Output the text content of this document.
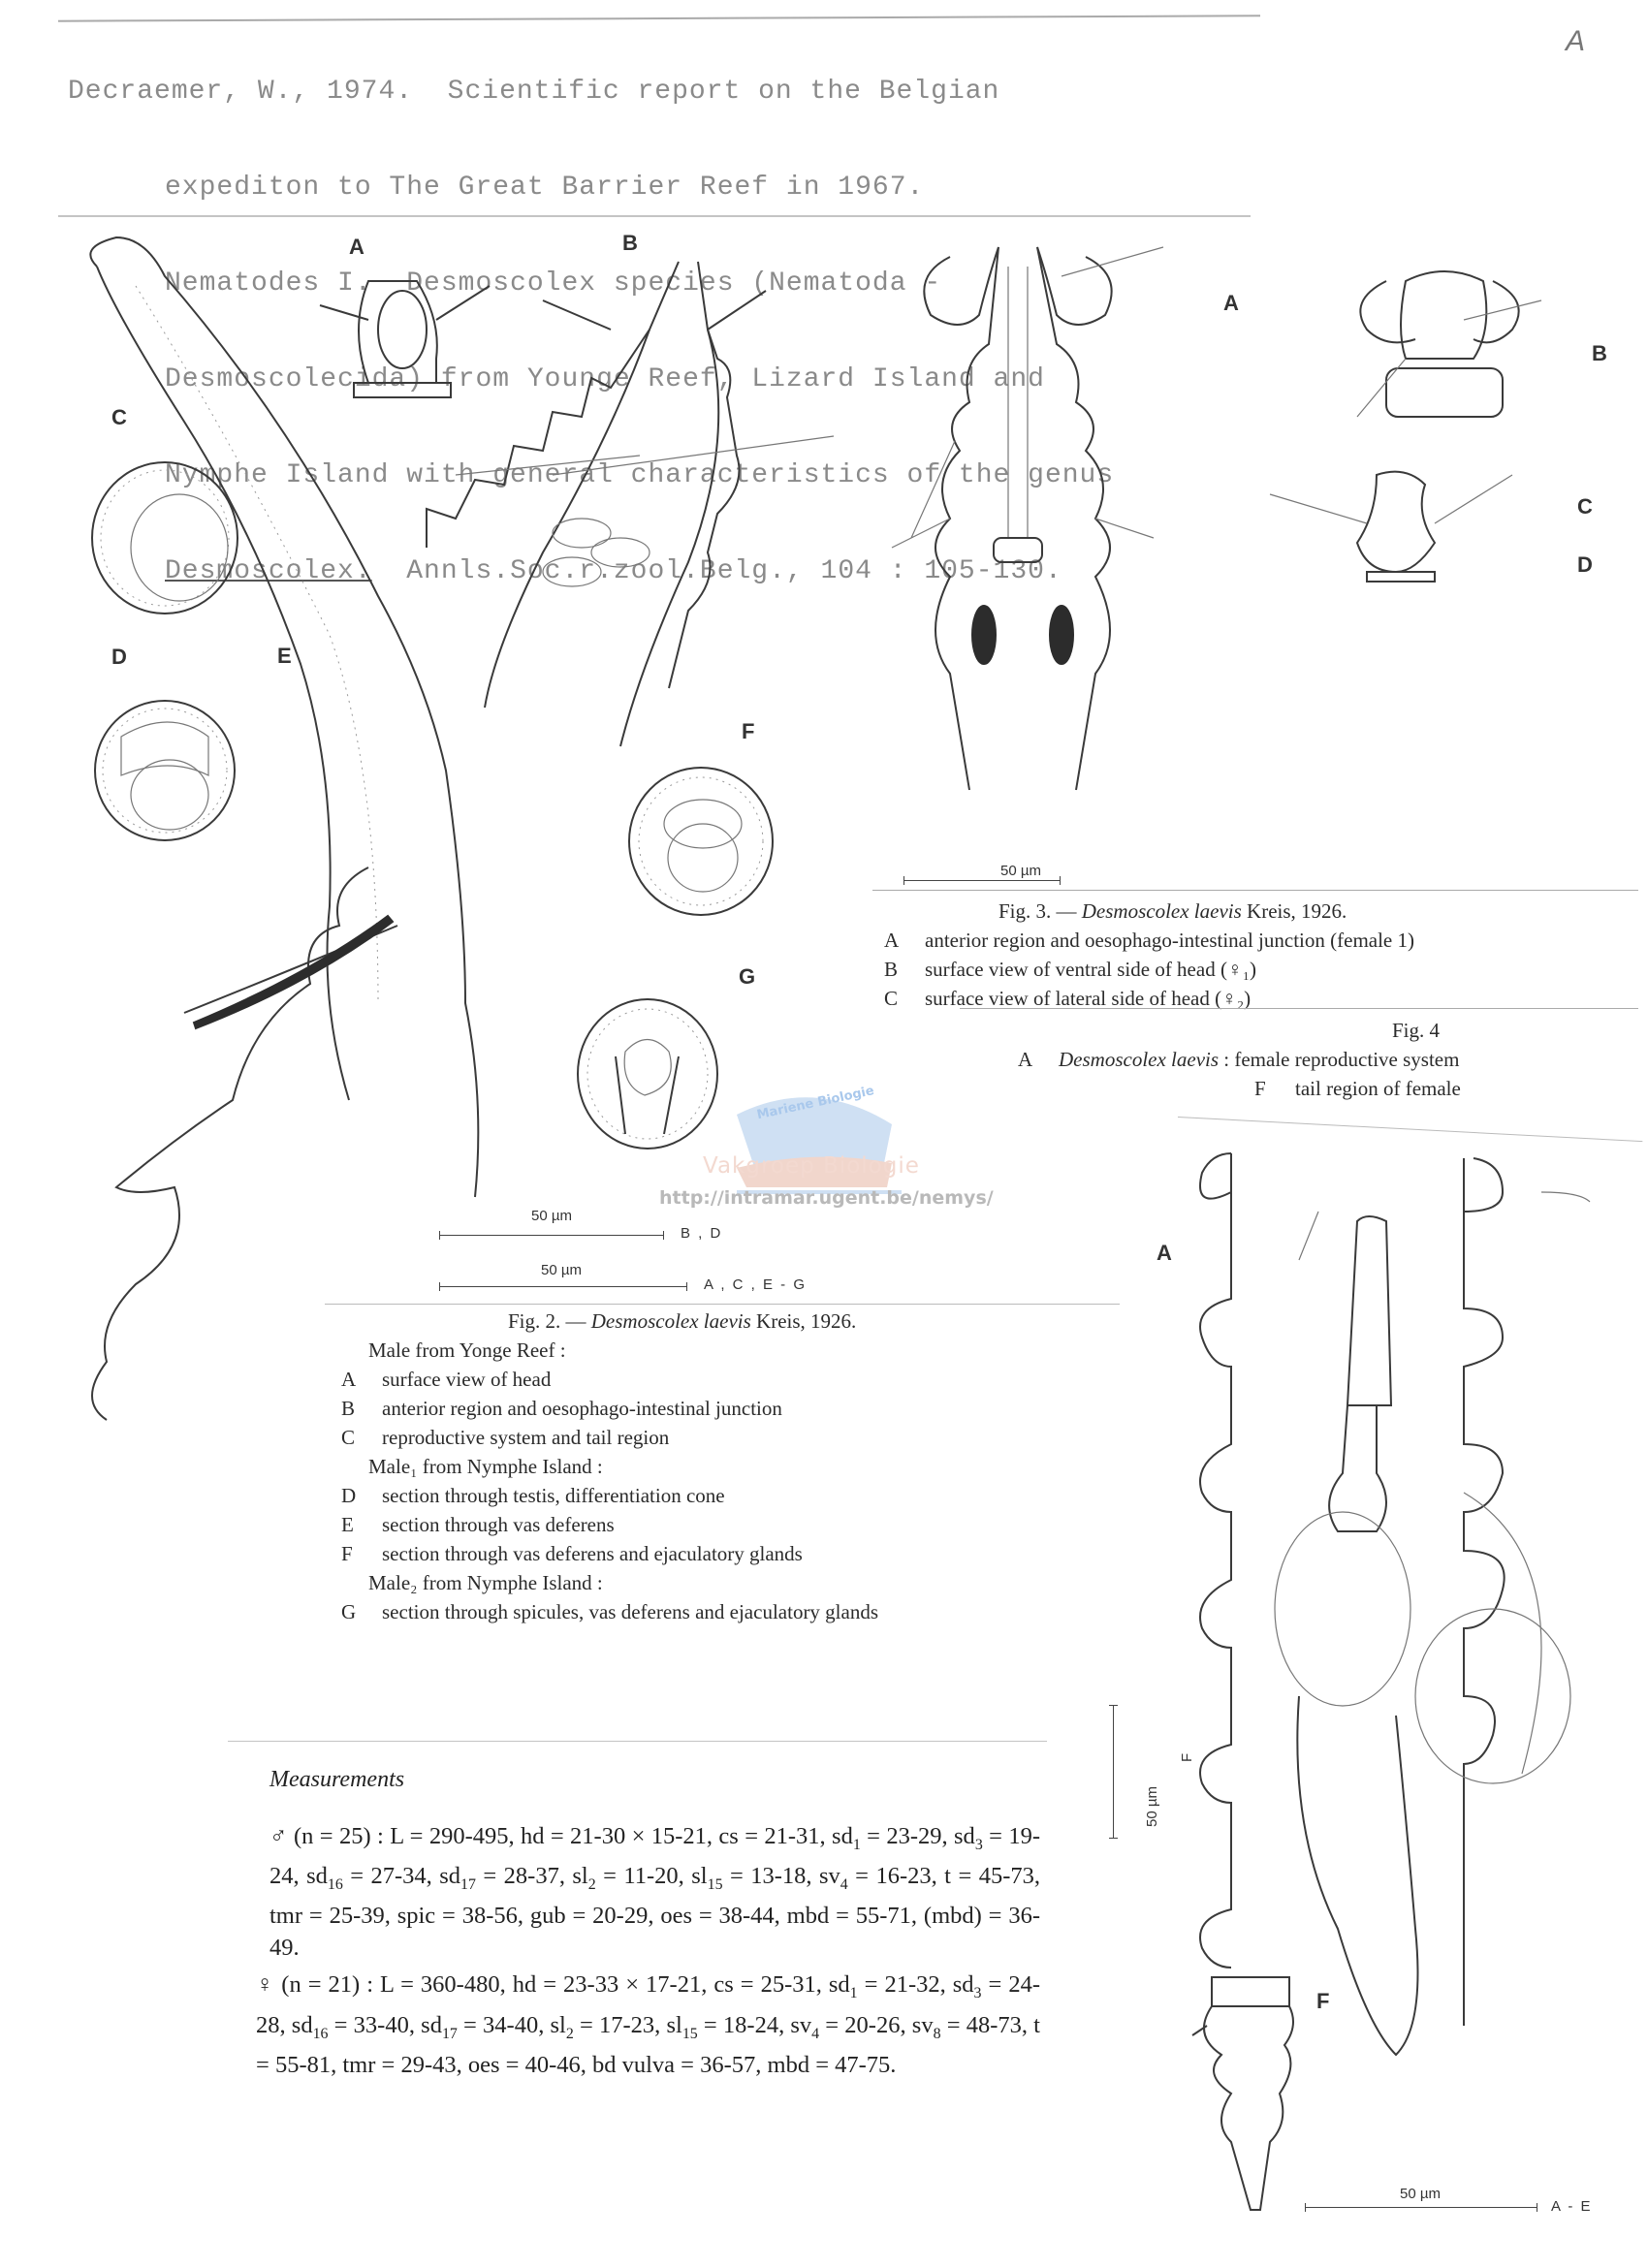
Decraemer, W., 1974.  Scientific report on the Belgian

expediton to The Great Barrier Reef in 1967.

Nematodes I.  Desmoscolex species (Nematoda -

Desmoscolecida) from Younge Reef, Lizard Island and

Nymphe Island with general characteristics of the genus

Desmoscolex.  Annls.Soc.r.zool.Belg., 104 : 105-130.

A
A	B
C
D	E
F
G
50 µm
B , D
50 µm
A , C , E - G
Fig. 2. — Desmoscolex laevis Kreis, 1926.
Male from Yonge Reef :
A surface view of head
B anterior region and oesophago-intestinal junction
C reproductive system and tail region
Male₁ from Nymphe Island :
D section through testis, differentiation cone
E section through vas deferens
F section through vas deferens and ejaculatory glands
Male₂ from Nymphe Island :
G section through spicules, vas deferens and ejaculatory glands
A
B
C
D
50 µm
Fig. 3. — Desmoscolex laevis Kreis, 1926.
A anterior region and oesophago-intestinal junction (female 1)
B surface view of ventral side of head (♀₁)
C surface view of lateral side of head (♀₂)
Fig. 4
A Desmoscolex laevis : female reproductive system
F tail region of female
Mariene Biologie
Vakgroep Biologie
http://intramar.ugent.be/nemys/
A
F
50 µm
F
50 µm
A - E
Measurements

♂ (n = 25) : L = 290-495, hd = 21-30 × 15-21, cs = 21-31, $sd_1 = 23-29$, $sd_3 = 19-24$, $sd_{16} = 27-34$, $sd_{17} = 28-37$, $sl_2 = 11-20$, $sl_{15} = 13-18$, $sv_4 = 16-23$, t = 45-73, tmr = 25-39, spic = 38-56, gub = 20-29, oes = 38-44, mbd = 55-71, (mbd) = 36-49.

♀ (n = 21) : L = 360-480, hd = 23-33 × 17-21, cs = 25-31, $sd_1 = 21-32$, $sd_3 = 24-28$, $sd_{16} = 33-40$, $sd_{17} = 34-40$, $sl_2 = 17-23$, $sl_{15} = 18-24$, $sv_4 = 20-26$, $sv_8 = 48-73$, t = 55-81, tmr = 29-43, oes = 40-46, bd vulva = 36-57, mbd = 47-75.
